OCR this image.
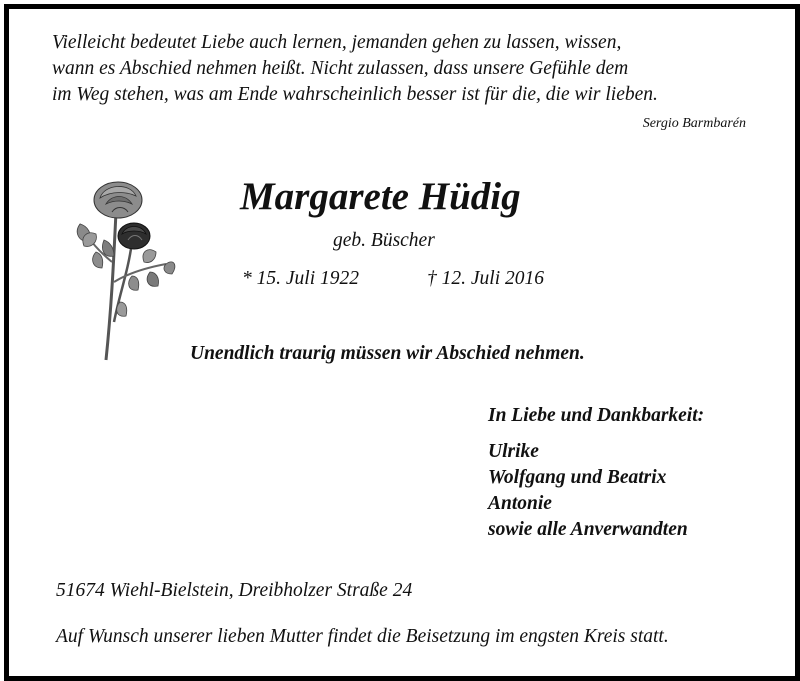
Vielleicht bedeutet Liebe auch lernen, jemanden gehen zu lassen, wissen,
wann es Abschied nehmen heißt. Nicht zulassen, dass unsere Gefühle dem
im Weg stehen, was am Ende wahrscheinlich besser ist für die, die wir lieben.
Sergio Barmbarén
Margarete Hüdig
geb. Büscher
* 15. Juli 1922	† 12. Juli 2016
Unendlich traurig müssen wir Abschied nehmen.
In Liebe und Dankbarkeit:
Ulrike
Wolfgang und Beatrix
Antonie
sowie alle Anverwandten
51674 Wiehl-Bielstein, Dreibholzer Straße 24
Auf Wunsch unserer lieben Mutter findet die Beisetzung im engsten Kreis statt.
